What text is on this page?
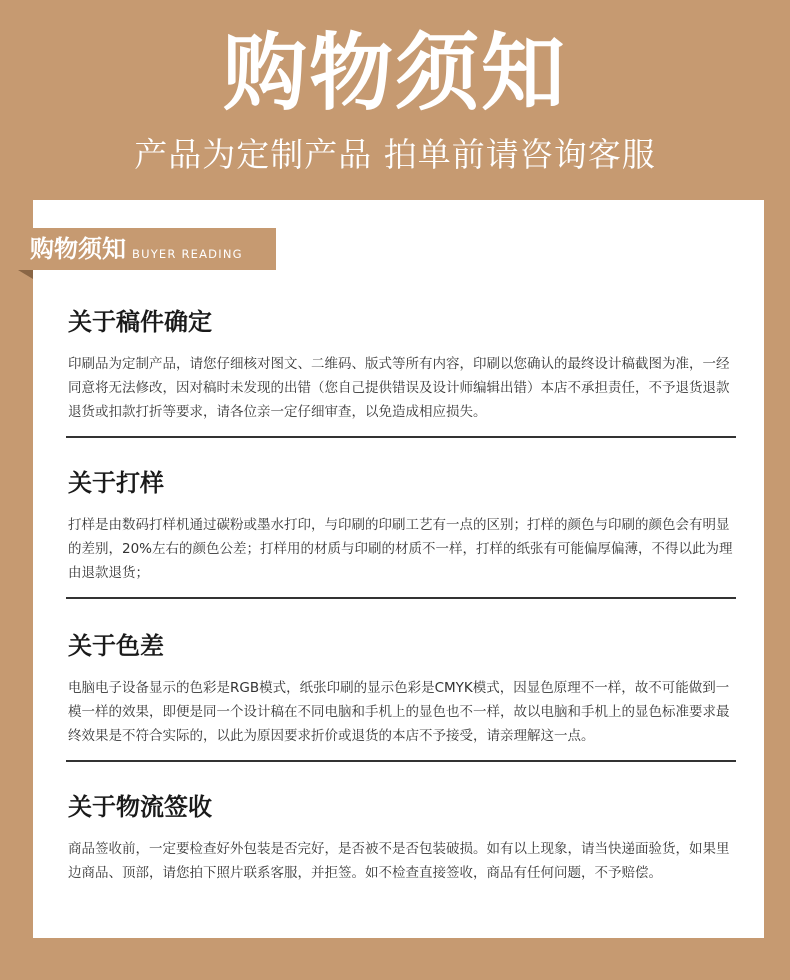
购物须知
产品为定制产品 拍单前请咨询客服
购物须知 BUYER READING
关于稿件确定

印刷品为定制产品，请您仔细核对图文、二维码、版式等所有内容，印刷以您确认的最终设计稿截图为准，一经同意将无法修改，因对稿时未发现的出错（您自己提供错误及设计师编辑出错）本店不承担责任，不予退货退款退货或扣款打折等要求，请各位亲一定仔细审查，以免造成相应损失。

关于打样

打样是由数码打样机通过碳粉或墨水打印，与印刷的印刷工艺有一点的区别；打样的颜色与印刷的颜色会有明显的差别，20%左右的颜色公差；打样用的材质与印刷的材质不一样，打样的纸张有可能偏厚偏薄，不得以此为理由退款退货；

关于色差

电脑电子设备显示的色彩是RGB模式，纸张印刷的显示色彩是CMYK模式，因显色原理不一样，故不可能做到一模一样的效果，即便是同一个设计稿在不同电脑和手机上的显色也不一样，故以电脑和手机上的显色标准要求最终效果是不符合实际的，以此为原因要求折价或退货的本店不予接受，请亲理解这一点。

关于物流签收

商品签收前，一定要检查好外包装是否完好，是否被不是否包装破损。如有以上现象，请当快递面验货，如果里边商品、顶部，请您拍下照片联系客服，并拒签。如不检查直接签收，商品有任何问题，不予赔偿。
